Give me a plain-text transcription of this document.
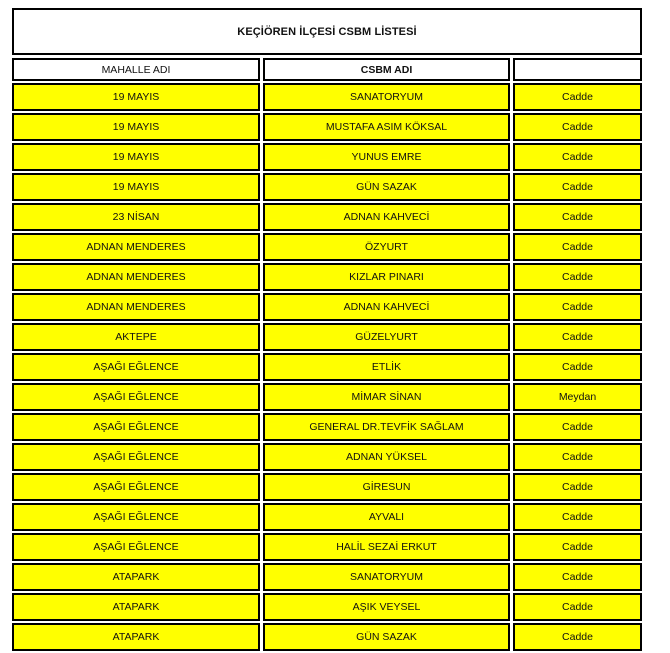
KEÇİÖREN İLÇESİ CSBM LİSTESİ
MAHALLE ADI	CSBM ADI
19 MAYIS	SANATORYUM	Cadde
19 MAYIS	MUSTAFA ASIM KÖKSAL	Cadde
19 MAYIS	YUNUS EMRE	Cadde
19 MAYIS	GÜN SAZAK	Cadde
23 NİSAN	ADNAN KAHVECİ	Cadde
ADNAN MENDERES	ÖZYURT	Cadde
ADNAN MENDERES	KIZLAR PINARI	Cadde
ADNAN MENDERES	ADNAN KAHVECİ	Cadde
AKTEPE	GÜZELYURT	Cadde
AŞAĞI EĞLENCE	ETLİK	Cadde
AŞAĞI EĞLENCE	MİMAR SİNAN	Meydan
AŞAĞI EĞLENCE	GENERAL DR.TEVFİK SAĞLAM	Cadde
AŞAĞI EĞLENCE	ADNAN YÜKSEL	Cadde
AŞAĞI EĞLENCE	GİRESUN	Cadde
AŞAĞI EĞLENCE	AYVALI	Cadde
AŞAĞI EĞLENCE	HALİL SEZAİ ERKUT	Cadde
ATAPARK	SANATORYUM	Cadde
ATAPARK	AŞIK VEYSEL	Cadde
ATAPARK	GÜN SAZAK	Cadde
